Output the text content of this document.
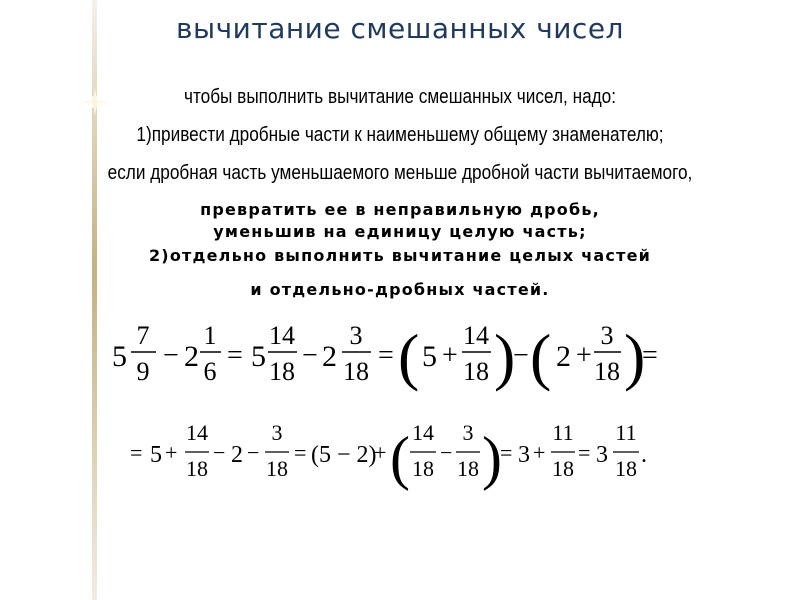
вычитание смешанных чисел
чтобы выполнить вычитание смешанных чисел, надо:
1)привести дробные части к наименьшему общему знаменателю;
если дробная часть уменьшаемого меньше дробной части вычитаемого,
превратить ее в неправильную дробь,
уменьшив на единицу целую часть;
2)отдельно выполнить вычитание целых частей
и отдельно-дробных частей.
5
7
9
− 2
1
6
= 5
14
18
− 2
3
18
= ( 5 +
14
18 )
− ( 2 +
3
18 )
=
= 5 +
14
18
− 2 −
3
18
= (5 − 2)
+ ( 14
18
−
3
18 )
= 3 +
11
18
= 3
11
18
.
